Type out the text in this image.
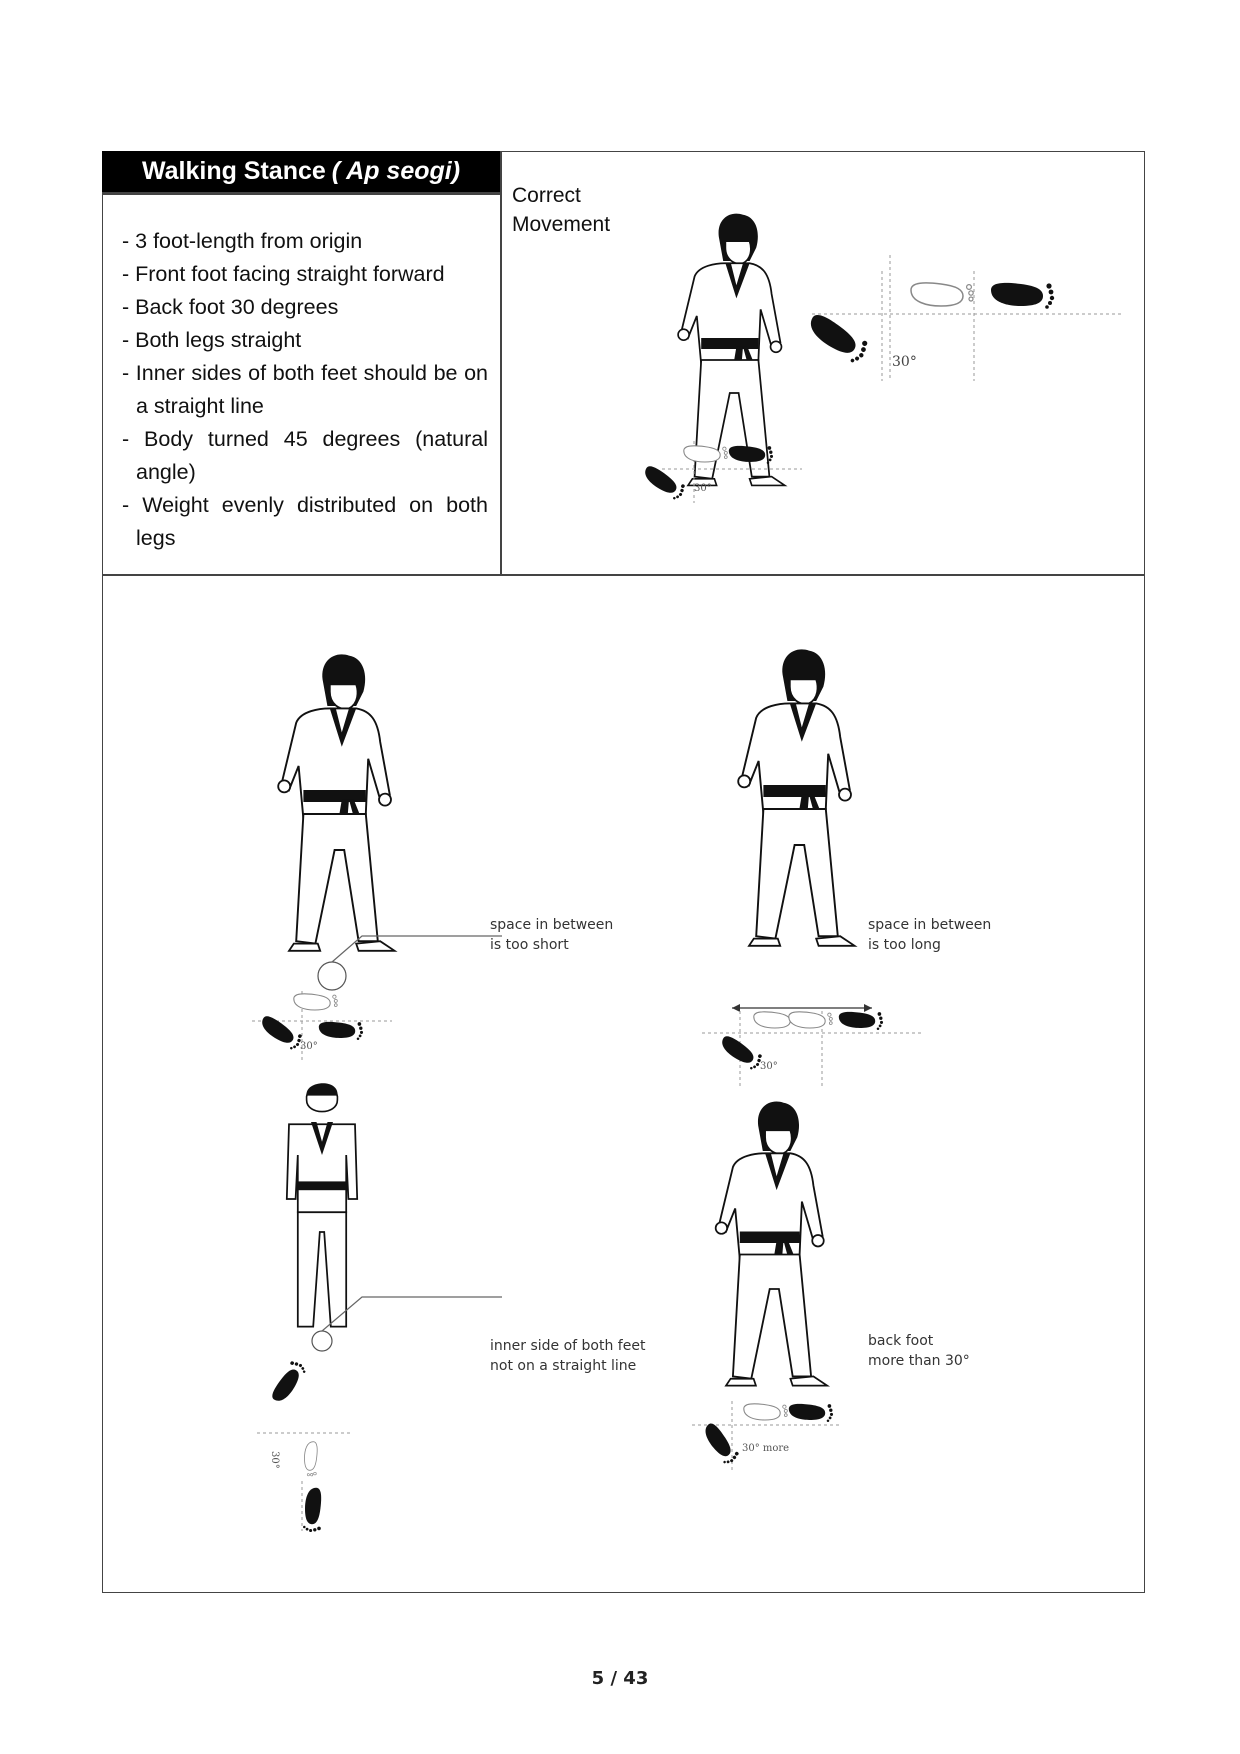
Walking Stance ( Ap seogi)
- 3 foot-length from origin
- Front foot facing straight forward
- Back foot 30 degrees
- Both legs straight
- Inner sides of both feet should be on a straight line
- Body turned 45 degrees (natural angle)
- Weight evenly distributed on both legs
Correct Movement
30°
30°
30°
space in between
is too short
30°
space in between
is too long
30°
inner side of both feet
not on a straight line
30° more
back foot
more than 30°
5 / 43
